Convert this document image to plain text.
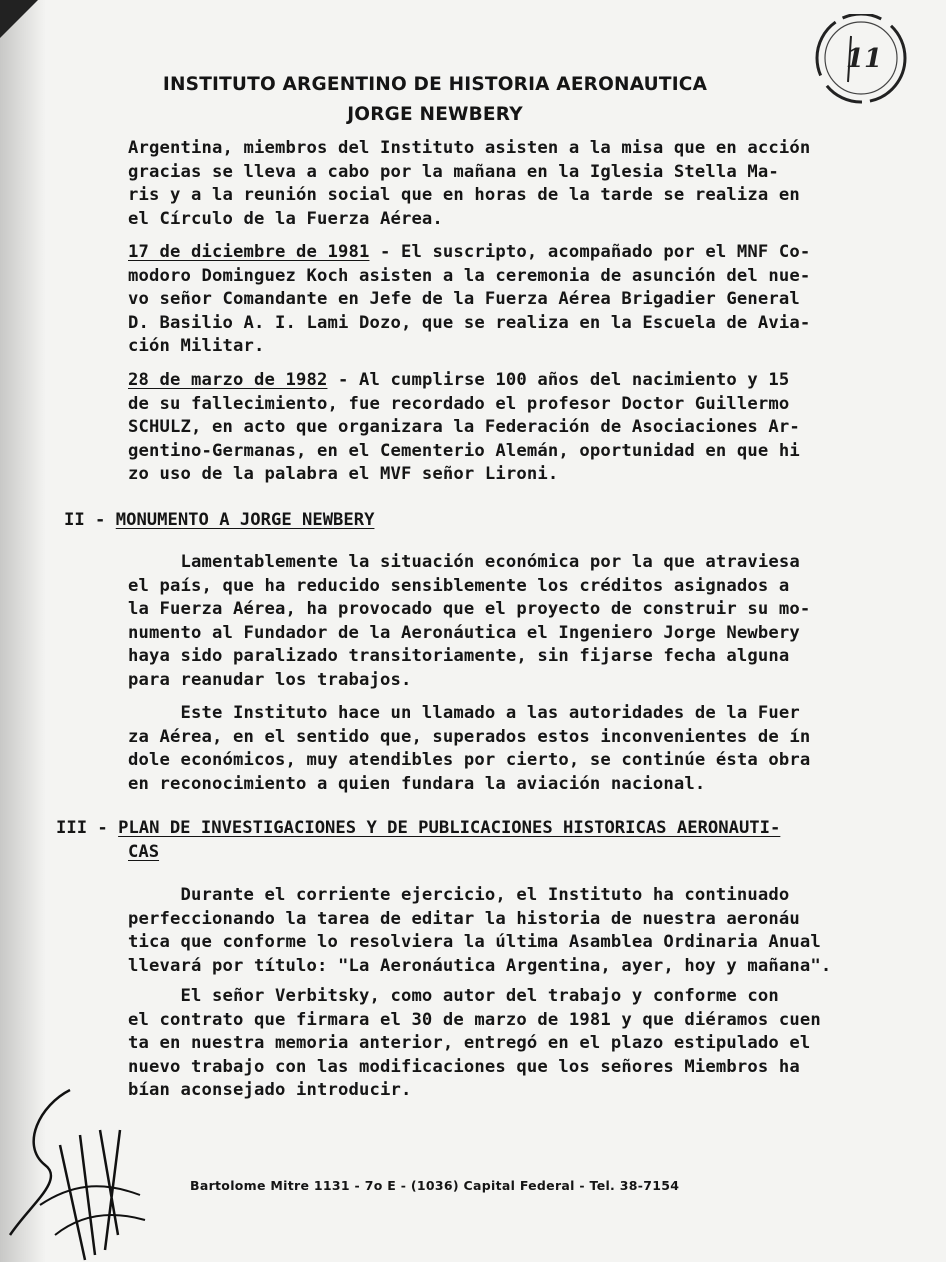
INSTITUTO ARGENTINO DE HISTORIA AERONAUTICA
JORGE NEWBERY
11

Argentina, miembros del Instituto asisten a la misa que en acción
gracias se lleva a cabo por la mañana en la Iglesia Stella Ma-
ris y a la reunión social que en horas de la tarde se realiza en
el Círculo de la Fuerza Aérea.

17 de diciembre de 1981 - El suscripto, acompañado por el MNF Co-
modoro Dominguez Koch asisten a la ceremonia de asunción del nue-
vo señor Comandante en Jefe de la Fuerza Aérea Brigadier General
D. Basilio A. I. Lami Dozo, que se realiza en la Escuela de Avia-
ción Militar.

28 de marzo de 1982 - Al cumplirse 100 años del nacimiento y 15
de su fallecimiento, fue recordado el profesor Doctor Guillermo
SCHULZ, en acto que organizara la Federación de Asociaciones Ar-
gentino-Germanas, en el Cementerio Alemán, oportunidad en que hi
zo uso de la palabra el MVF señor Lironi.

II - MONUMENTO A JORGE NEWBERY

Lamentablemente la situación económica por la que atraviesa
el país, que ha reducido sensiblemente los créditos asignados a
la Fuerza Aérea, ha provocado que el proyecto de construir su mo-
numento al Fundador de la Aeronáutica el Ingeniero Jorge Newbery
haya sido paralizado transitoriamente, sin fijarse fecha alguna
para reanudar los trabajos.

Este Instituto hace un llamado a las autoridades de la Fuer
za Aérea, en el sentido que, superados estos inconvenientes de ín
dole económicos, muy atendibles por cierto, se continúe ésta obra
en reconocimiento a quien fundara la aviación nacional.

III - PLAN DE INVESTIGACIONES Y DE PUBLICACIONES HISTORICAS AERONAUTI-

CAS

Durante el corriente ejercicio, el Instituto ha continuado
perfeccionando la tarea de editar la historia de nuestra aeronáu
tica que conforme lo resolviera la última Asamblea Ordinaria Anual
llevará por título: "La Aeronáutica Argentina, ayer, hoy y mañana".

El señor Verbitsky, como autor del trabajo y conforme con
el contrato que firmara el 30 de marzo de 1981 y que diéramos cuen
ta en nuestra memoria anterior, entregó en el plazo estipulado el
nuevo trabajo con las modificaciones que los señores Miembros ha
bían aconsejado introducir.

Bartolome Mitre 1131 - 7o E - (1036) Capital Federal - Tel. 38-7154
